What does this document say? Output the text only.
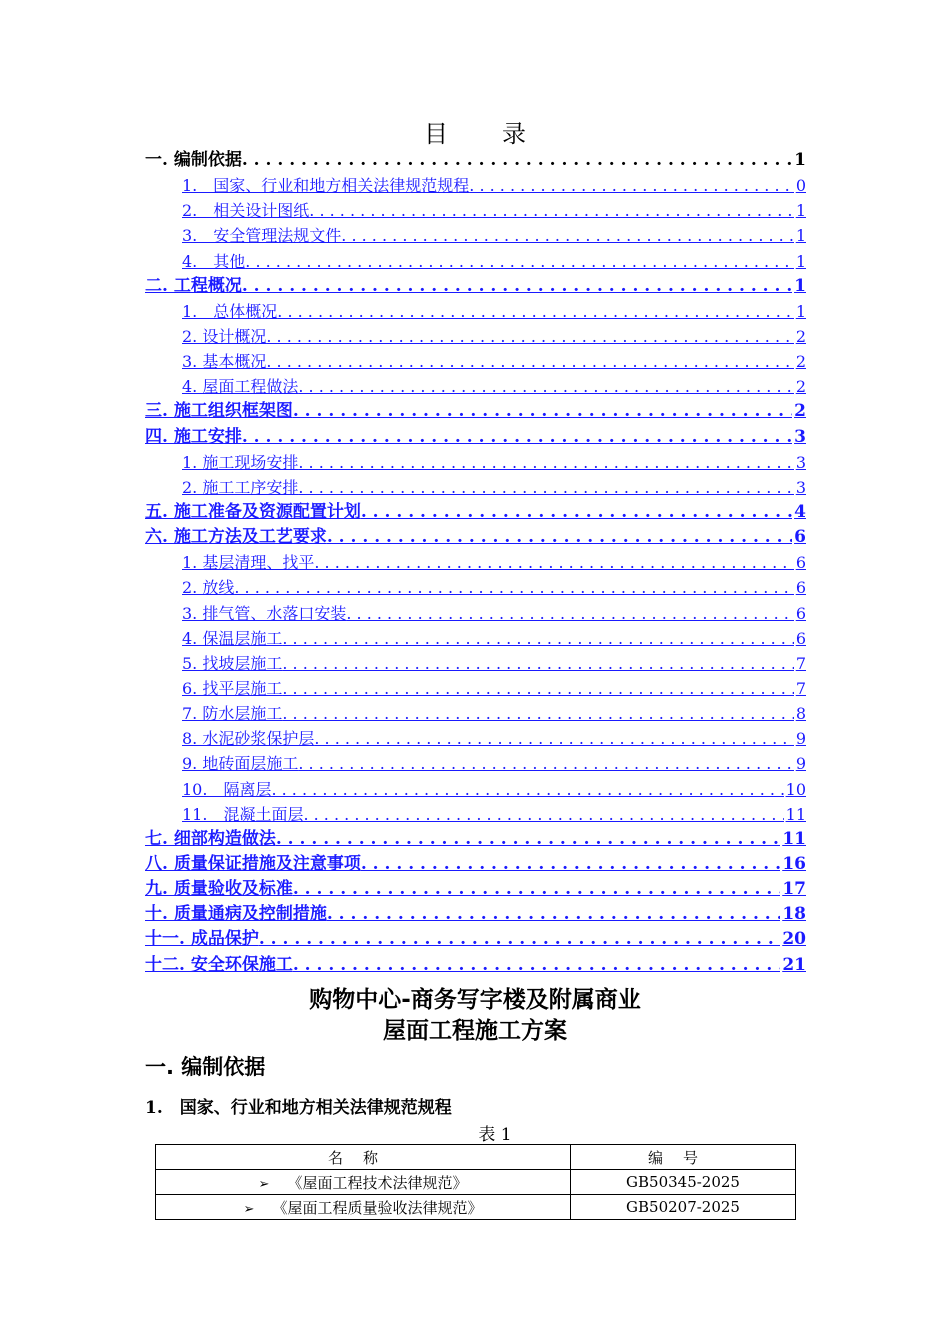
目录
一. 编制依据 . . .	1
1.　国家、行业和地方相关法律规范规程 . . .	0
2.　相关设计图纸 . . .	1
3.　安全管理法规文件 . . .	1
4.　其他 . . .	1
二. 工程概况 . . .	1
1.　总体概况 . . .	1
2. 设计概况 . . .	2
3. 基本概况 . . .	2
4. 屋面工程做法 . . .	2
三. 施工组织框架图 . . .	2
四. 施工安排 . . .	3
1. 施工现场安排 . . .	3
2. 施工工序安排 . . .	3
五. 施工准备及资源配置计划 . . .	4
六. 施工方法及工艺要求 . . .	6
1. 基层清理、找平 . . .	6
2. 放线 . . .	6
3. 排气管、水落口安装 . . .	6
4. 保温层施工 . . .	6
5. 找坡层施工 . . .	7
6. 找平层施工 . . .	7
7. 防水层施工 . . .	8
8. 水泥砂浆保护层 . . .	9
9. 地砖面层施工 . . .	9
10.　隔离层 . . .	10
11.　混凝土面层 . . .	11
七. 细部构造做法 . . .	11
八. 质量保证措施及注意事项 . . .	16
九. 质量验收及标准 . . .	17
十. 质量通病及控制措施 . . .	18
十一. 成品保护 . . .	20
十二. 安全环保施工 . . .	21
购物中心-商务写字楼及附属商业
屋面工程施工方案
一. 编制依据
1.　国家、行业和地方相关法律规范规程
表 1
名称	编号
➢ 《屋面工程技术法律规范》	GB50345-2025
➢ 《屋面工程质量验收法律规范》	GB50207-2025
